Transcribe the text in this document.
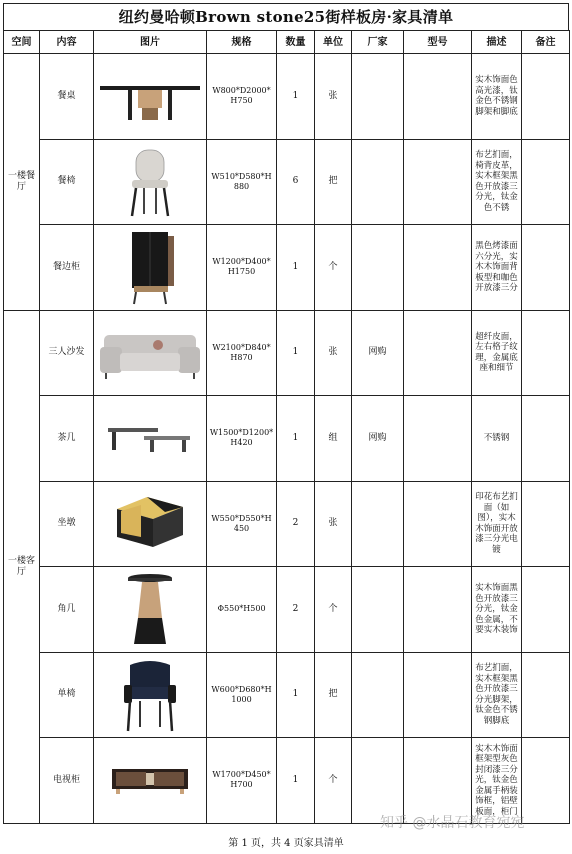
纽约曼哈顿Brown stone25街样板房·家具清单
空间	内容	图片	规格	数量	单位	厂家	型号	描述	备注
一楼餐厅	餐桌		W800*D2000*H750	1	张			实木饰面色高光漆，钛金色不锈钢脚架和脚底	
	餐椅		W510*D580*H880	6	把			布艺扪面，椅背皮革，实木框架黑色开放漆三分光，钛金色不锈	
	餐边柜		W1200*D400*H1750	1	个			黑色烤漆面六分光，实木木饰面背板型和咖色开放漆三分	
一楼客厅	三人沙发		W2100*D840*H870	1	张	网购		超纤皮面，左右格子纹理，金属底座和细节	
	茶几		W1500*D1200*H420	1	组	网购		不锈钢	
	坐墩		W550*D550*H450	2	张			印花布艺扪面（如图），实木木饰面开放漆三分光电镀	
	角几		Φ550*H500	2	个			实木饰面黑色开放漆三分光，钛金色金属，不要实木装饰	
	单椅		W600*D680*H1000	1	把			布艺扪面，实木框架黑色开放漆三分光脚架，钛金色不锈钢脚底	
	电视柜		W1700*D450*H700	1	个			实木木饰面框架型灰色封闭漆三分光，钛金色金属手柄装饰框，铝壁板面，柜门	
知乎 @水晶石教育宛宛
第 1 页，共 4 页家具清单
